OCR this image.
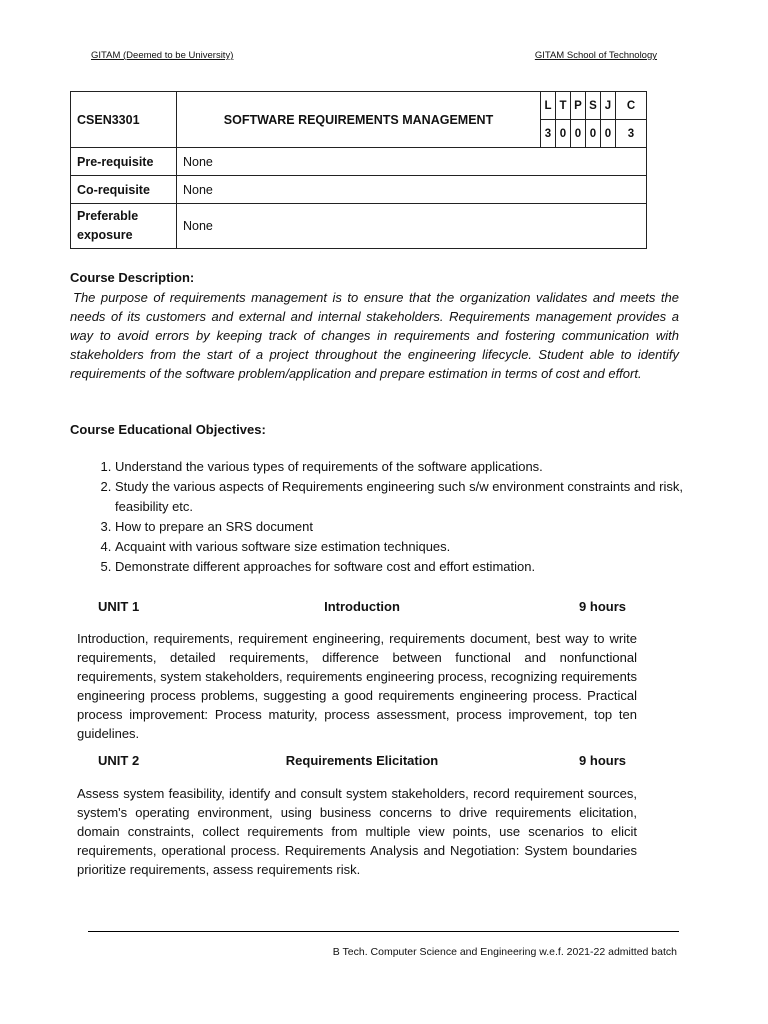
GITAM (Deemed to be University)	GITAM School of Technology
CSEN3301	SOFTWARE REQUIREMENTS MANAGEMENT	L	T	P	S	J	C
		3	0	0	0	0	3
Pre-requisite	None						
Co-requisite	None						
Preferable exposure	None						
Course Description:
The purpose of requirements management is to ensure that the organization validates and meets the needs of its customers and external and internal stakeholders. Requirements management provides a way to avoid errors by keeping track of changes in requirements and fostering communication with stakeholders from the start of a project throughout the engineering lifecycle. Student able to identify requirements of the software problem/application and prepare estimation in terms of cost and effort.
Course Educational Objectives:
1. Understand the various types of requirements of the software applications.
2. Study the various aspects of Requirements engineering such s/w environment constraints and risk, feasibility etc.
3. How to prepare an SRS document
4. Acquaint with various software size estimation techniques.
5. Demonstrate different approaches for software cost and effort estimation.
Introduction
UNIT 1	9 hours
Introduction, requirements, requirement engineering, requirements document, best way to write requirements, detailed requirements, difference between functional and nonfunctional requirements, system stakeholders, requirements engineering process, recognizing requirements engineering process problems, suggesting a good requirements engineering process. Practical process improvement: Process maturity, process assessment, process improvement, top ten guidelines.
Requirements Elicitation
UNIT 2	9 hours
Assess system feasibility, identify and consult system stakeholders, record requirement sources, system's operating environment, using business concerns to drive requirements elicitation, domain constraints, collect requirements from multiple view points, use scenarios to elicit requirements, operational process. Requirements Analysis and Negotiation: System boundaries prioritize requirements, assess requirements risk.
B Tech. Computer Science and Engineering w.e.f. 2021-22 admitted batch
